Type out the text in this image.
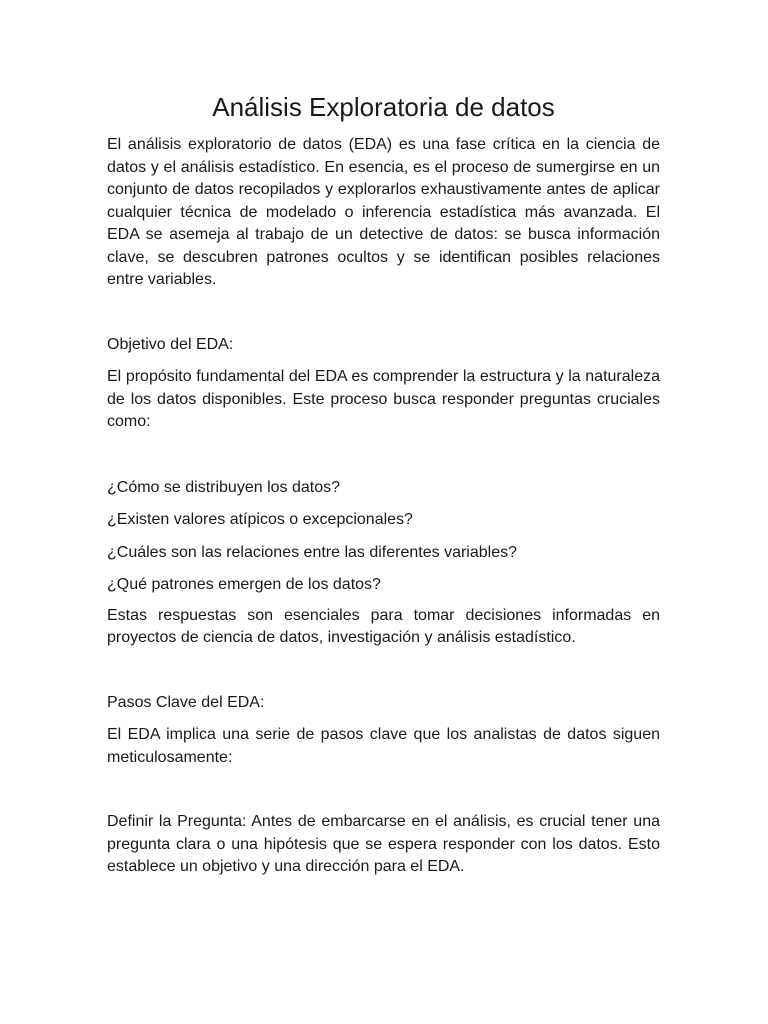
Análisis Exploratoria de datos

El análisis exploratorio de datos (EDA) es una fase crítica en la ciencia de datos y el análisis estadístico. En esencia, es el proceso de sumergirse en un conjunto de datos recopilados y explorarlos exhaustivamente antes de aplicar cualquier técnica de modelado o inferencia estadística más avanzada. El EDA se asemeja al trabajo de un detective de datos: se busca información clave, se descubren patrones ocultos y se identifican posibles relaciones entre variables.

Objetivo del EDA:

El propósito fundamental del EDA es comprender la estructura y la naturaleza de los datos disponibles. Este proceso busca responder preguntas cruciales como:

¿Cómo se distribuyen los datos?

¿Existen valores atípicos o excepcionales?

¿Cuáles son las relaciones entre las diferentes variables?

¿Qué patrones emergen de los datos?

Estas respuestas son esenciales para tomar decisiones informadas en proyectos de ciencia de datos, investigación y análisis estadístico.

Pasos Clave del EDA:

El EDA implica una serie de pasos clave que los analistas de datos siguen meticulosamente:

Definir la Pregunta: Antes de embarcarse en el análisis, es crucial tener una pregunta clara o una hipótesis que se espera responder con los datos. Esto establece un objetivo y una dirección para el EDA.
